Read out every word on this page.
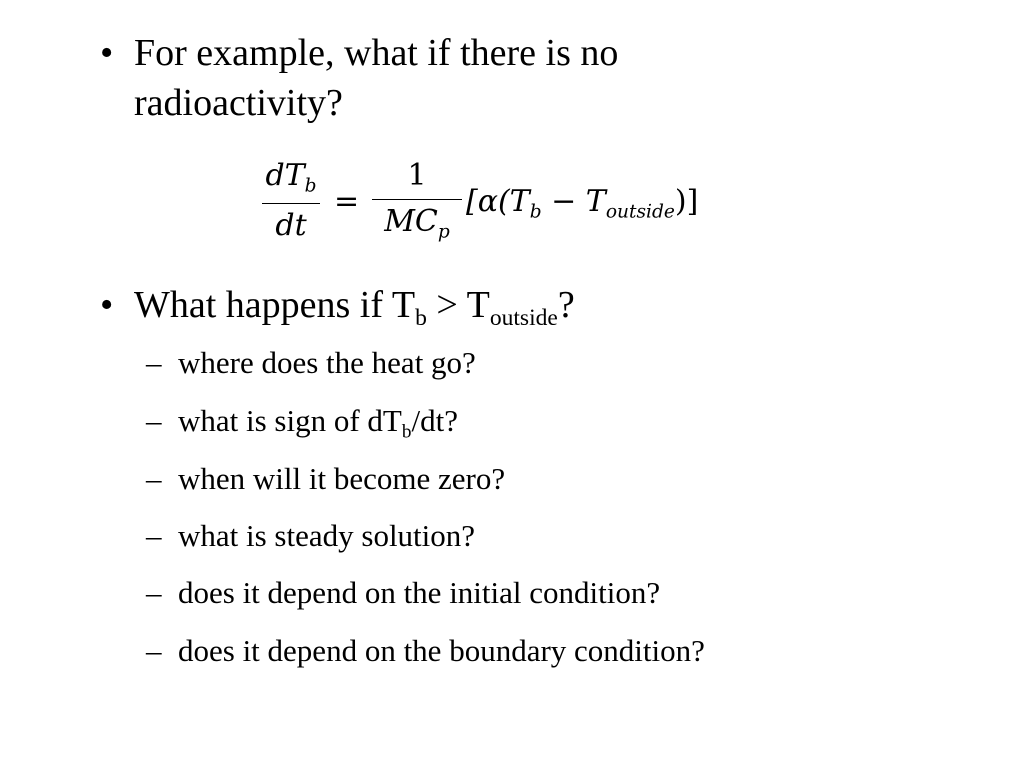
• For example, what if there is no radioactivity?
$dT_b$
dt
=
1
$MC_p$
$[\alpha(T_b - T_{outside})]$
• What happens if $T_b > T_{outside}$?
– where does the heat go?
– what is sign of $dT_b/dt$?
– when will it become zero?
– what is steady solution?
– does it depend on the initial condition?
– does it depend on the boundary condition?
